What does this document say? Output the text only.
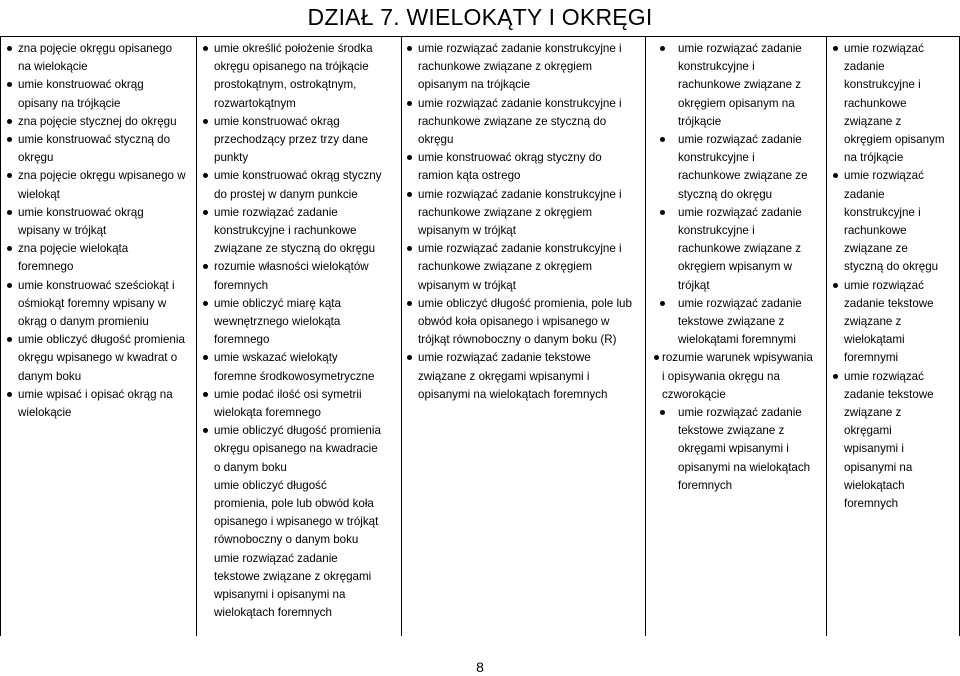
DZIAŁ 7. WIELOKĄTY I OKRĘGI
zna pojęcie okręgu opisanego
na wielokącie
umie konstruować okrąg
opisany na trójkącie
zna pojęcie stycznej do okręgu
umie konstruować styczną do
okręgu
zna pojęcie okręgu wpisanego w
wielokąt
umie konstruować okrąg
wpisany w trójkąt
zna pojęcie wielokąta
foremnego
umie konstruować sześciokąt i
ośmiokąt foremny wpisany w
okrąg o danym promieniu
umie obliczyć długość promienia
okręgu wpisanego w kwadrat o
danym boku
umie wpisać i opisać okrąg na
wielokącie
umie określić położenie środka
okręgu opisanego na trójkącie
prostokątnym, ostrokątnym,
rozwartokątnym
umie konstruować okrąg
przechodzący przez trzy dane
punkty
umie konstruować okrąg styczny
do prostej w danym punkcie
umie rozwiązać zadanie
konstrukcyjne i rachunkowe
związane ze styczną do okręgu
rozumie własności wielokątów
foremnych
umie obliczyć miarę kąta
wewnętrznego wielokąta
foremnego
umie wskazać wielokąty
foremne środkowosymetryczne
umie podać ilość osi symetrii
wielokąta foremnego
umie obliczyć długość promienia
okręgu opisanego na kwadracie
o danym boku
umie obliczyć długość
promienia, pole lub obwód koła
opisanego i wpisanego w trójkąt
równoboczny o danym boku
umie rozwiązać zadanie
tekstowe związane z okręgami
wpisanymi i opisanymi na
wielokątach foremnych
umie rozwiązać zadanie konstrukcyjne i
rachunkowe związane z okręgiem
opisanym na trójkącie
umie rozwiązać zadanie konstrukcyjne i
rachunkowe związane ze styczną do
okręgu
umie konstruować okrąg styczny do
ramion kąta ostrego
umie rozwiązać zadanie konstrukcyjne i
rachunkowe związane z okręgiem
wpisanym w trójkąt
umie rozwiązać zadanie konstrukcyjne i
rachunkowe związane z okręgiem
wpisanym w trójkąt
umie obliczyć długość promienia, pole lub
obwód koła opisanego i wpisanego w
trójkąt równoboczny o danym boku (R)
umie rozwiązać zadanie tekstowe
związane z okręgami wpisanymi i
opisanymi na wielokątach foremnych
umie rozwiązać zadanie
konstrukcyjne i
rachunkowe związane z
okręgiem opisanym na
trójkącie
umie rozwiązać zadanie
konstrukcyjne i
rachunkowe związane ze
styczną do okręgu
umie rozwiązać zadanie
konstrukcyjne i
rachunkowe związane z
okręgiem wpisanym w
trójkąt
umie rozwiązać zadanie
tekstowe związane z
wielokątami foremnymi
rozumie warunek wpisywania
i opisywania okręgu na
czworokącie
umie rozwiązać zadanie
tekstowe związane z
okręgami wpisanymi i
opisanymi na wielokątach
foremnych
umie rozwiązać
zadanie
konstrukcyjne i
rachunkowe
związane z
okręgiem opisanym
na trójkącie
umie rozwiązać
zadanie
konstrukcyjne i
rachunkowe
związane ze
styczną do okręgu
umie rozwiązać
zadanie tekstowe
związane z
wielokątami
foremnymi
umie rozwiązać
zadanie tekstowe
związane z
okręgami
wpisanymi i
opisanymi na
wielokątach
foremnych
8
